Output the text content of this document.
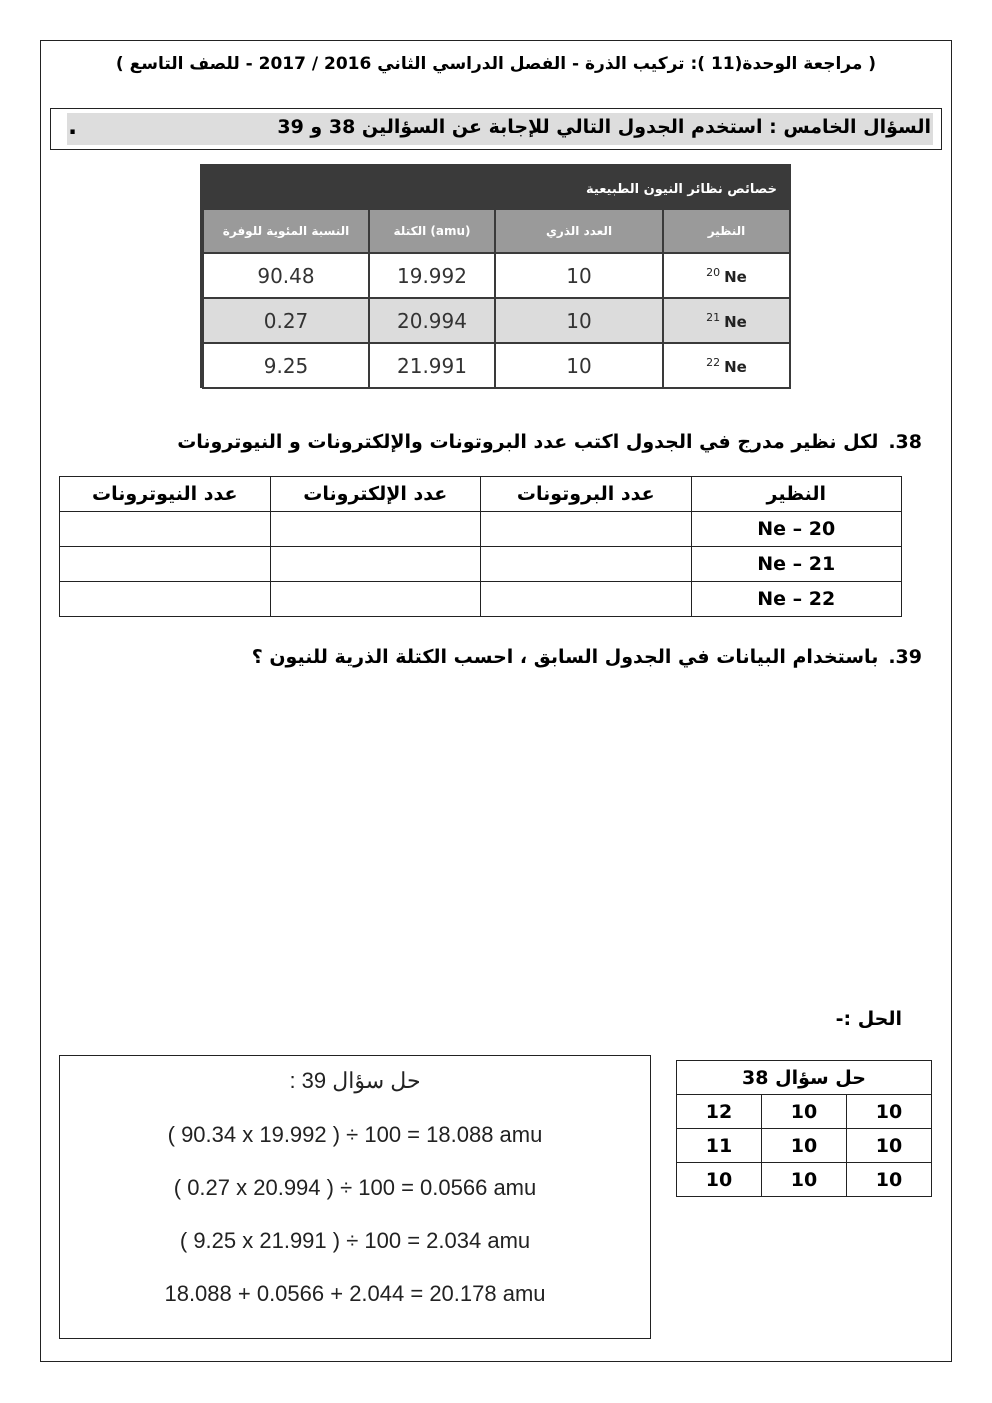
( مراجعة الوحدة(11 ): تركيب الذرة - الفصل الدراسي الثاني 2016 / 2017 - للصف التاسع )
السؤال الخامس : استخدم الجدول التالي للإجابة عن السؤالين 38 و 39
.
خصائص نظائر النيون الطبيعية
النسبة المئوية للوفرة	الكتلة (amu)	العدد الذري	النظير
90.48	19.992	10	$^{20}$ Ne
0.27	20.994	10	$^{21}$ Ne
9.25	21.991	10	$^{22}$ Ne
38.لكل نظير مدرج في الجدول اكتب عدد البروتونات والإلكترونات و النيوترونات
النظير	عدد البروتونات	عدد الإلكترونات	عدد النيوترونات
20 – Ne			
21 – Ne			
22 – Ne			
39.باستخدام البيانات في الجدول السابق ، احسب الكتلة الذرية للنيون ؟
الحل :-
حل سؤال 39 :
( 90.34 x 19.992 ) ÷ 100 = 18.088 amu
( 0.27 x 20.994 ) ÷ 100 = 0.0566 amu
( 9.25 x 21.991 ) ÷ 100 = 2.034 amu
18.088 + 0.0566 + 2.044 = 20.178 amu
حل سؤال 38		
12	10	10
11	10	10
10	10	10
